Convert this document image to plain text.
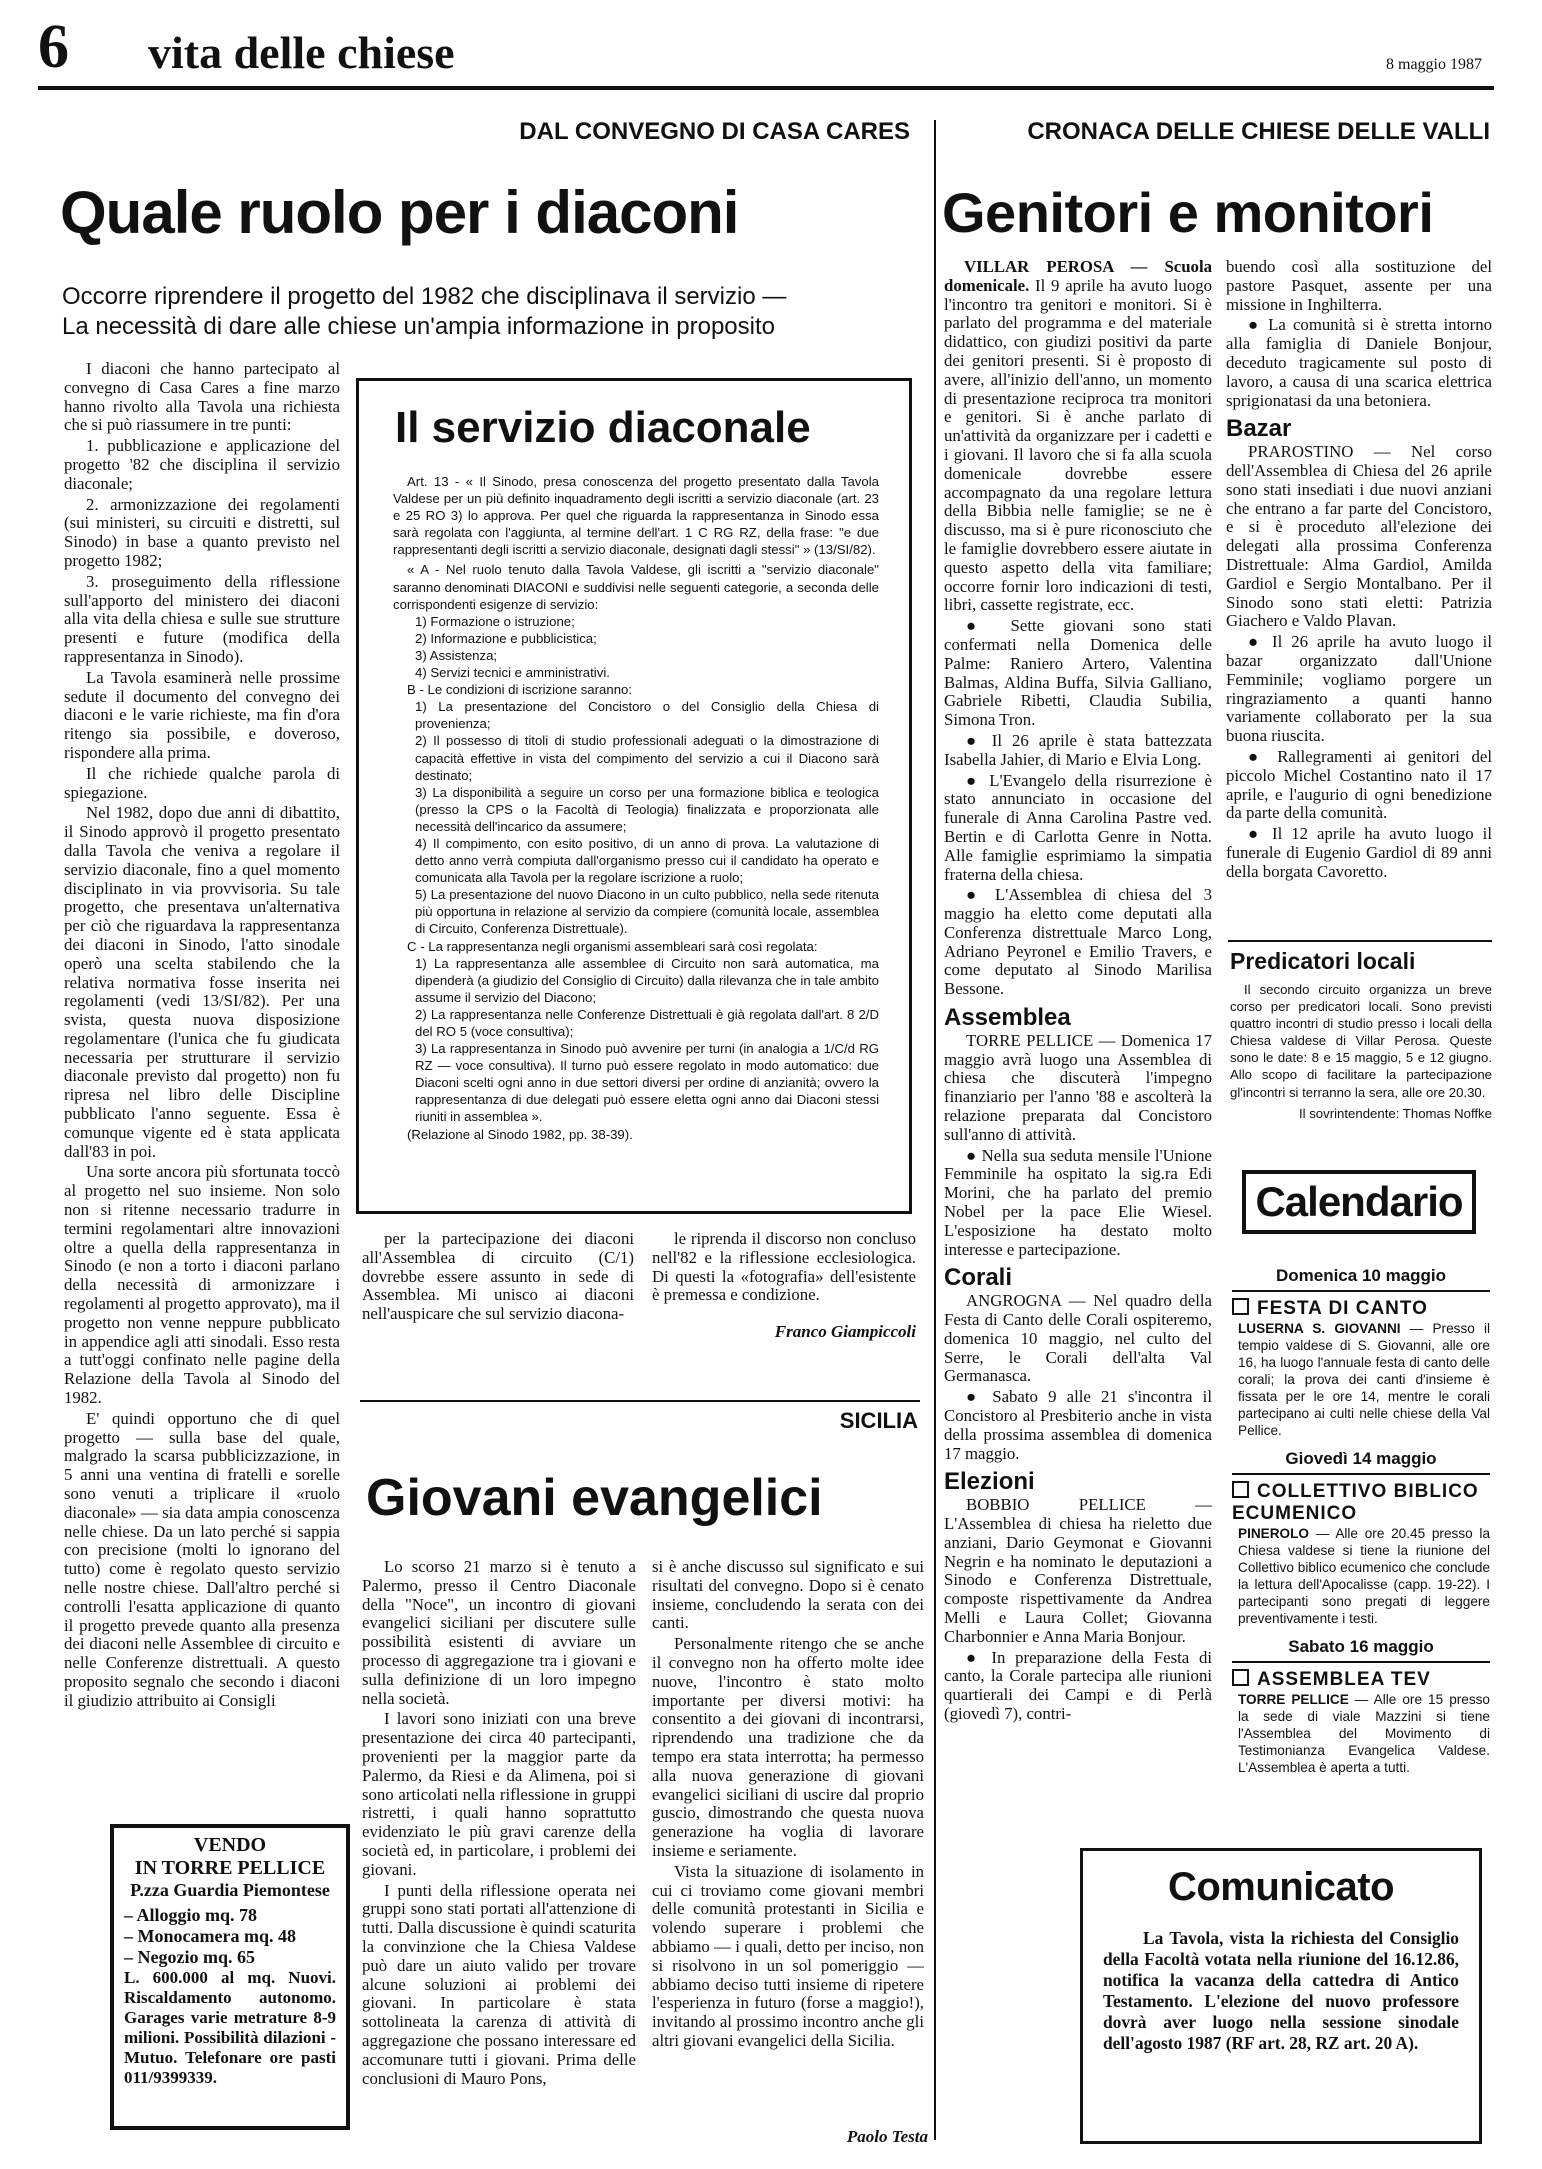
6 vita delle chiese	8 maggio 1987
DAL CONVEGNO DI CASA CARES
Quale ruolo per i diaconi
Occorre riprendere il progetto del 1982 che disciplinava il servizio —
La necessità di dare alle chiese un'ampia informazione in proposito

I diaconi che hanno partecipato al convegno di Casa Cares a fine marzo hanno rivolto alla Tavola una richiesta che si può riassumere in tre punti:

1. pubblicazione e applicazione del progetto '82 che disciplina il servizio diaconale;

2. armonizzazione dei regolamenti (sui ministeri, su circuiti e distretti, sul Sinodo) in base a quanto previsto nel progetto 1982;

3. proseguimento della riflessione sull'apporto del ministero dei diaconi alla vita della chiesa e sulle sue strutture presenti e future (modifica della rappresentanza in Sinodo).

La Tavola esaminerà nelle prossime sedute il documento del convegno dei diaconi e le varie richieste, ma fin d'ora ritengo sia possibile, e doveroso, rispondere alla prima.

Il che richiede qualche parola di spiegazione.

Nel 1982, dopo due anni di dibattito, il Sinodo approvò il progetto presentato dalla Tavola che veniva a regolare il servizio diaconale, fino a quel momento disciplinato in via provvisoria. Su tale progetto, che presentava un'alternativa per ciò che riguardava la rappresentanza dei diaconi in Sinodo, l'atto sinodale operò una scelta stabilendo che la relativa normativa fosse inserita nei regolamenti (vedi 13/SI/82). Per una svista, questa nuova disposizione regolamentare (l'unica che fu giudicata necessaria per strutturare il servizio diaconale previsto dal progetto) non fu ripresa nel libro delle Discipline pubblicato l'anno seguente. Essa è comunque vigente ed è stata applicata dall'83 in poi.

Una sorte ancora più sfortunata toccò al progetto nel suo insieme. Non solo non si ritenne necessario tradurre in termini regolamentari altre innovazioni oltre a quella della rappresentanza in Sinodo (e non a torto i diaconi parlano della necessità di armonizzare i regolamenti al progetto approvato), ma il progetto non venne neppure pubblicato in appendice agli atti sinodali. Esso resta a tutt'oggi confinato nelle pagine della Relazione della Tavola al Sinodo del 1982.

E' quindi opportuno che di quel progetto — sulla base del quale, malgrado la scarsa pubblicizzazione, in 5 anni una ventina di fratelli e sorelle sono venuti a triplicare il «ruolo diaconale» — sia data ampia conoscenza nelle chiese. Da un lato perché si sappia con precisione (molti lo ignorano del tutto) come è regolato questo servizio nelle nostre chiese. Dall'altro perché si controlli l'esatta applicazione di quanto il progetto prevede quanto alla presenza dei diaconi nelle Assemblee di circuito e nelle Conferenze distrettuali. A questo proposito segnalo che secondo i diaconi il giudizio attribuito ai Consigli

Il servizio diaconale
Art. 13 - « Il Sinodo, presa conoscenza del progetto presentato dalla Tavola Valdese per un più definito inquadramento degli iscritti a servizio diaconale (art. 23 e 25 RO 3) lo approva. Per quel che riguarda la rappresentanza in Sinodo essa sarà regolata con l'aggiunta, al termine dell'art. 1 C RG RZ, della frase: "e due rappresentanti degli iscritti a servizio diaconale, designati dagli stessi" » (13/SI/82).
« A - Nel ruolo tenuto dalla Tavola Valdese, gli iscritti a "servizio diaconale" saranno denominati DIACONI e suddivisi nelle seguenti categorie, a seconda delle corrispondenti esigenze di servizio:
1) Formazione o istruzione;
2) Informazione e pubblicistica;
3) Assistenza;
4) Servizi tecnici e amministrativi.
B - Le condizioni di iscrizione saranno:
1) La presentazione del Concistoro o del Consiglio della Chiesa di provenienza;
2) Il possesso di titoli di studio professionali adeguati o la dimostrazione di capacità effettive in vista del compimento del servizio a cui il Diacono sarà destinato;
3) La disponibilità a seguire un corso per una formazione biblica e teologica (presso la CPS o la Facoltà di Teologia) finalizzata e proporzionata alle necessità dell'incarico da assumere;
4) Il compimento, con esito positivo, di un anno di prova. La valutazione di detto anno verrà compiuta dall'organismo presso cui il candidato ha operato e comunicata alla Tavola per la regolare iscrizione a ruolo;
5) La presentazione del nuovo Diacono in un culto pubblico, nella sede ritenuta più opportuna in relazione al servizio da compiere (comunità locale, assemblea di Circuito, Conferenza Distrettuale).
C - La rappresentanza negli organismi assembleari sarà così regolata:
1) La rappresentanza alle assemblee di Circuito non sarà automatica, ma dipenderà (a giudizio del Consiglio di Circuito) dalla rilevanza che in tale ambito assume il servizio del Diacono;
2) La rappresentanza nelle Conferenze Distrettuali è già regolata dall'art. 8 2/D del RO 5 (voce consultiva);
3) La rappresentanza in Sinodo può avvenire per turni (in analogia a 1/C/d RG RZ — voce consultiva). Il turno può essere regolato in modo automatico: due Diaconi scelti ogni anno in due settori diversi per ordine di anzianità; ovvero la rappresentanza di due delegati può essere eletta ogni anno dai Diaconi stessi riuniti in assemblea ».
(Relazione al Sinodo 1982, pp. 38-39).
per la partecipazione dei diaconi all'Assemblea di circuito (C/1) dovrebbe essere assunto in sede di Assemblea. Mi unisco ai diaconi nell'auspicare che sul servizio diacona-
le riprenda il discorso non concluso nell'82 e la riflessione ecclesiologica. Di questi la «fotografia» dell'esistente è premessa e condizione.
Franco Giampiccoli
VENDO
IN TORRE PELLICE
P.zza Guardia Piemontese
– Alloggio mq. 78
– Monocamera mq. 48
– Negozio mq. 65
L. 600.000 al mq. Nuovi. Riscaldamento autonomo. Garages varie metrature 8-9 milioni. Possibilità dilazioni - Mutuo. Telefonare ore pasti 011/9399339.
SICILIA
Giovani evangelici

Lo scorso 21 marzo si è tenuto a Palermo, presso il Centro Diaconale della "Noce", un incontro di giovani evangelici siciliani per discutere sulle possibilità esistenti di avviare un processo di aggregazione tra i giovani e sulla definizione di un loro impegno nella società.

I lavori sono iniziati con una breve presentazione dei circa 40 partecipanti, provenienti per la maggior parte da Palermo, da Riesi e da Alimena, poi si sono articolati nella riflessione in gruppi ristretti, i quali hanno soprattutto evidenziato le più gravi carenze della società ed, in particolare, i problemi dei giovani.

I punti della riflessione operata nei gruppi sono stati portati all'attenzione di tutti. Dalla discussione è quindi scaturita la convinzione che la Chiesa Valdese può dare un aiuto valido per trovare alcune soluzioni ai problemi dei giovani. In particolare è stata sottolineata la carenza di attività di aggregazione che possano interessare ed accomunare tutti i giovani. Prima delle conclusioni di Mauro Pons,

si è anche discusso sul significato e sui risultati del convegno. Dopo si è cenato insieme, concludendo la serata con dei canti.

Personalmente ritengo che se anche il convegno non ha offerto molte idee nuove, l'incontro è stato molto importante per diversi motivi: ha consentito a dei giovani di incontrarsi, riprendendo una tradizione che da tempo era stata interrotta; ha permesso alla nuova generazione di giovani evangelici siciliani di uscire dal proprio guscio, dimostrando che questa nuova generazione ha voglia di lavorare insieme e seriamente.

Vista la situazione di isolamento in cui ci troviamo come giovani membri delle comunità protestanti in Sicilia e volendo superare i problemi che abbiamo — i quali, detto per inciso, non si risolvono in un sol pomeriggio — abbiamo deciso tutti insieme di ripetere l'esperienza in futuro (forse a maggio!), invitando al prossimo incontro anche gli altri giovani evangelici della Sicilia.

Paolo Testa
CRONACA DELLE CHIESE DELLE VALLI
Genitori e monitori

VILLAR PEROSA — Scuola domenicale. Il 9 aprile ha avuto luogo l'incontro tra genitori e monitori. Si è parlato del programma e del materiale didattico, con giudizi positivi da parte dei genitori presenti. Si è proposto di avere, all'inizio dell'anno, un momento di presentazione reciproca tra monitori e genitori. Si è anche parlato di un'attività da organizzare per i cadetti e i giovani. Il lavoro che si fa alla scuola domenicale dovrebbe essere accompagnato da una regolare lettura della Bibbia nelle famiglie; se ne è discusso, ma si è pure riconosciuto che le famiglie dovrebbero essere aiutate in questo aspetto della vita familiare; occorre fornir loro indicazioni di testi, libri, cassette registrate, ecc.

● Sette giovani sono stati confermati nella Domenica delle Palme: Raniero Artero, Valentina Balmas, Aldina Buffa, Silvia Galliano, Gabriele Ribetti, Claudia Subilia, Simona Tron.

● Il 26 aprile è stata battezzata Isabella Jahier, di Mario e Elvia Long.

● L'Evangelo della risurrezione è stato annunciato in occasione del funerale di Anna Carolina Pastre ved. Bertin e di Carlotta Genre in Notta. Alle famiglie esprimiamo la simpatia fraterna della chiesa.

● L'Assemblea di chiesa del 3 maggio ha eletto come deputati alla Conferenza distrettuale Marco Long, Adriano Peyronel e Emilio Travers, e come deputato al Sinodo Marilisa Bessone.

Assemblea

TORRE PELLICE — Domenica 17 maggio avrà luogo una Assemblea di chiesa che discuterà l'impegno finanziario per l'anno '88 e ascolterà la relazione preparata dal Concistoro sull'anno di attività.

● Nella sua seduta mensile l'Unione Femminile ha ospitato la sig.ra Edi Morini, che ha parlato del premio Nobel per la pace Elie Wiesel. L'esposizione ha destato molto interesse e partecipazione.

Corali

ANGROGNA — Nel quadro della Festa di Canto delle Corali ospiteremo, domenica 10 maggio, nel culto del Serre, le Corali dell'alta Val Germanasca.

● Sabato 9 alle 21 s'incontra il Concistoro al Presbiterio anche in vista della prossima assemblea di domenica 17 maggio.

Elezioni

BOBBIO PELLICE — L'Assemblea di chiesa ha rieletto due anziani, Dario Geymonat e Giovanni Negrin e ha nominato le deputazioni a Sinodo e Conferenza Distrettuale, composte rispettivamente da Andrea Melli e Laura Collet; Giovanna Charbonnier e Anna Maria Bonjour.

● In preparazione della Festa di canto, la Corale partecipa alle riunioni quartierali dei Campi e di Perlà (giovedì 7), contri-

buendo così alla sostituzione del pastore Pasquet, assente per una missione in Inghilterra.

● La comunità si è stretta intorno alla famiglia di Daniele Bonjour, deceduto tragicamente sul posto di lavoro, a causa di una scarica elettrica sprigionatasi da una betoniera.

Bazar

PRAROSTINO — Nel corso dell'Assemblea di Chiesa del 26 aprile sono stati insediati i due nuovi anziani che entrano a far parte del Concistoro, e si è proceduto all'elezione dei delegati alla prossima Conferenza Distrettuale: Alma Gardiol, Amilda Gardiol e Sergio Montalbano. Per il Sinodo sono stati eletti: Patrizia Giachero e Valdo Plavan.

● Il 26 aprile ha avuto luogo il bazar organizzato dall'Unione Femminile; vogliamo porgere un ringraziamento a quanti hanno variamente collaborato per la sua buona riuscita.

● Rallegramenti ai genitori del piccolo Michel Costantino nato il 17 aprile, e l'augurio di ogni benedizione da parte della comunità.

● Il 12 aprile ha avuto luogo il funerale di Eugenio Gardiol di 89 anni della borgata Cavoretto.

Predicatori locali
Il secondo circuito organizza un breve corso per predicatori locali. Sono previsti quattro incontri di studio presso i locali della Chiesa valdese di Villar Perosa. Queste sono le date: 8 e 15 maggio, 5 e 12 giugno. Allo scopo di facilitare la partecipazione gl'incontri si terranno la sera, alle ore 20.30.
Il sovrintendente: Thomas Noffke
Calendario
Domenica 10 maggio
FESTA DI CANTO
LUSERNA S. GIOVANNI — Presso il tempio valdese di S. Giovanni, alle ore 16, ha luogo l'annuale festa di canto delle corali; la prova dei canti d'insieme è fissata per le ore 14, mentre le corali partecipano ai culti nelle chiese della Val Pellice.
Giovedì 14 maggio
COLLETTIVO BIBLICO ECUMENICO
PINEROLO — Alle ore 20.45 presso la Chiesa valdese si tiene la riunione del Collettivo biblico ecumenico che conclude la lettura dell'Apocalisse (capp. 19-22). I partecipanti sono pregati di leggere preventivamente i testi.
Sabato 16 maggio
ASSEMBLEA TEV
TORRE PELLICE — Alle ore 15 presso la sede di viale Mazzini si tiene l'Assemblea del Movimento di Testimonianza Evangelica Valdese. L'Assemblea è aperta a tutti.
Comunicato
La Tavola, vista la richiesta del Consiglio della Facoltà votata nella riunione del 16.12.86, notifica la vacanza della cattedra di Antico Testamento. L'elezione del nuovo professore dovrà aver luogo nella sessione sinodale dell'agosto 1987 (RF art. 28, RZ art. 20 A).
